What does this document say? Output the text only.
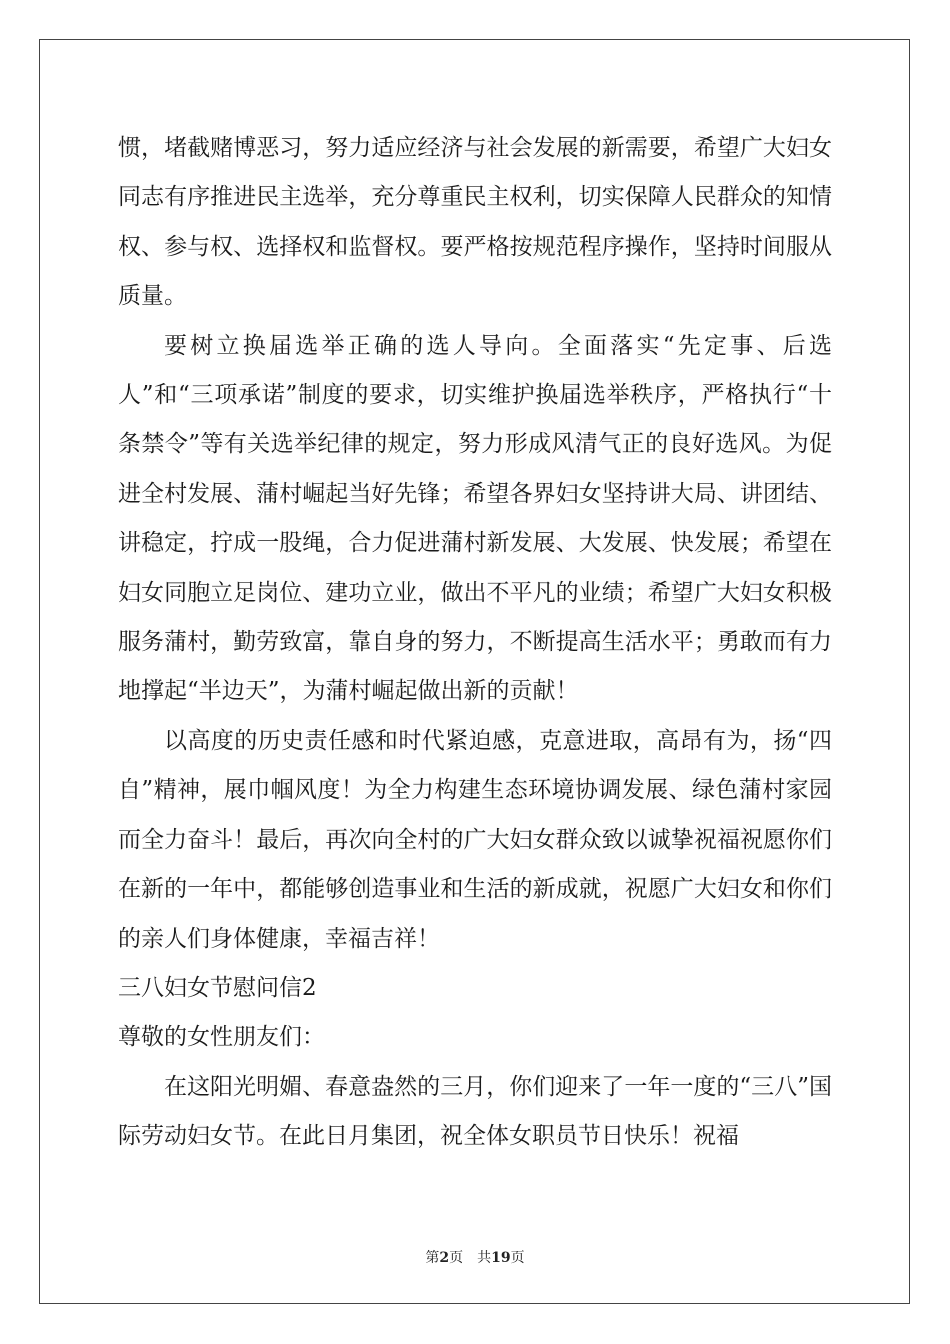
惯，堵截赌博恶习，努力适应经济与社会发展的新需要，希望广大妇女同志有序推进民主选举，充分尊重民主权利，切实保障人民群众的知情权、参与权、选择权和监督权。要严格按规范程序操作，坚持时间服从质量。

要树立换届选举正确的选人导向。全面落实“先定事、后选人”和“三项承诺”制度的要求，切实维护换届选举秩序，严格执行“十条禁令”等有关选举纪律的规定，努力形成风清气正的良好选风。为促进全村发展、蒲村崛起当好先锋；希望各界妇女坚持讲大局、讲团结、讲稳定，拧成一股绳，合力促进蒲村新发展、大发展、快发展；希望在妇女同胞立足岗位、建功立业，做出不平凡的业绩；希望广大妇女积极服务蒲村，勤劳致富，靠自身的努力，不断提高生活水平；勇敢而有力地撑起“半边天”，为蒲村崛起做出新的贡献！

以高度的历史责任感和时代紧迫感，克意进取，高昂有为，扬“四自”精神，展巾帼风度！为全力构建生态环境协调发展、绿色蒲村家园而全力奋斗！最后，再次向全村的广大妇女群众致以诚挚祝福祝愿你们在新的一年中，都能够创造事业和生活的新成就，祝愿广大妇女和你们的亲人们身体健康，幸福吉祥！

三八妇女节慰问信2

尊敬的女性朋友们：

在这阳光明媚、春意盎然的三月，你们迎来了一年一度的“三八”国际劳动妇女节。在此日月集团，祝全体女职员节日快乐！祝福

第2页 共19页
